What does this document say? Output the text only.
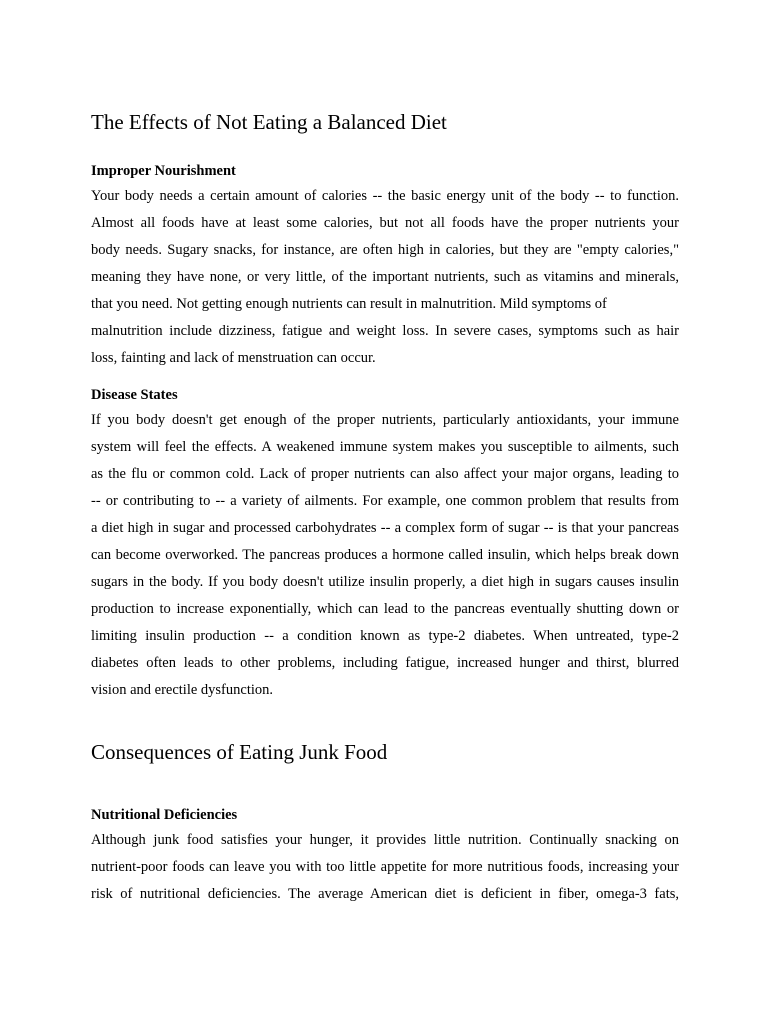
The Effects of Not Eating a Balanced Diet
Improper Nourishment
Your body needs a certain amount of calories -- the basic energy unit of the body -- to function.
Almost all foods have at least some calories, but not all foods have the proper nutrients your
body needs. Sugary snacks, for instance, are often high in calories, but they are "empty calories,"
meaning they have none, or very little, of the important nutrients, such as vitamins and minerals,
that you need. Not getting enough nutrients can result in malnutrition. Mild symptoms of
malnutrition include dizziness, fatigue and weight loss. In severe cases, symptoms such as hair
loss, fainting and lack of menstruation can occur.
Disease States
If you body doesn't get enough of the proper nutrients, particularly antioxidants, your immune
system will feel the effects. A weakened immune system makes you susceptible to ailments, such
as the flu or common cold. Lack of proper nutrients can also affect your major organs, leading to
-- or contributing to -- a variety of ailments. For example, one common problem that results from
a diet high in sugar and processed carbohydrates -- a complex form of sugar -- is that your pancreas
can become overworked. The pancreas produces a hormone called insulin, which helps break down
sugars in the body. If you body doesn't utilize insulin properly, a diet high in sugars causes insulin
production to increase exponentially, which can lead to the pancreas eventually shutting down or
limiting insulin production -- a condition known as type-2 diabetes. When untreated, type-2
diabetes often leads to other problems, including fatigue, increased hunger and thirst, blurred
vision and erectile dysfunction.
Consequences of Eating Junk Food
Nutritional Deficiencies
Although junk food satisfies your hunger, it provides little nutrition. Continually snacking on
nutrient-poor foods can leave you with too little appetite for more nutritious foods, increasing your
risk of nutritional deficiencies. The average American diet is deficient in fiber, omega-3 fats,
